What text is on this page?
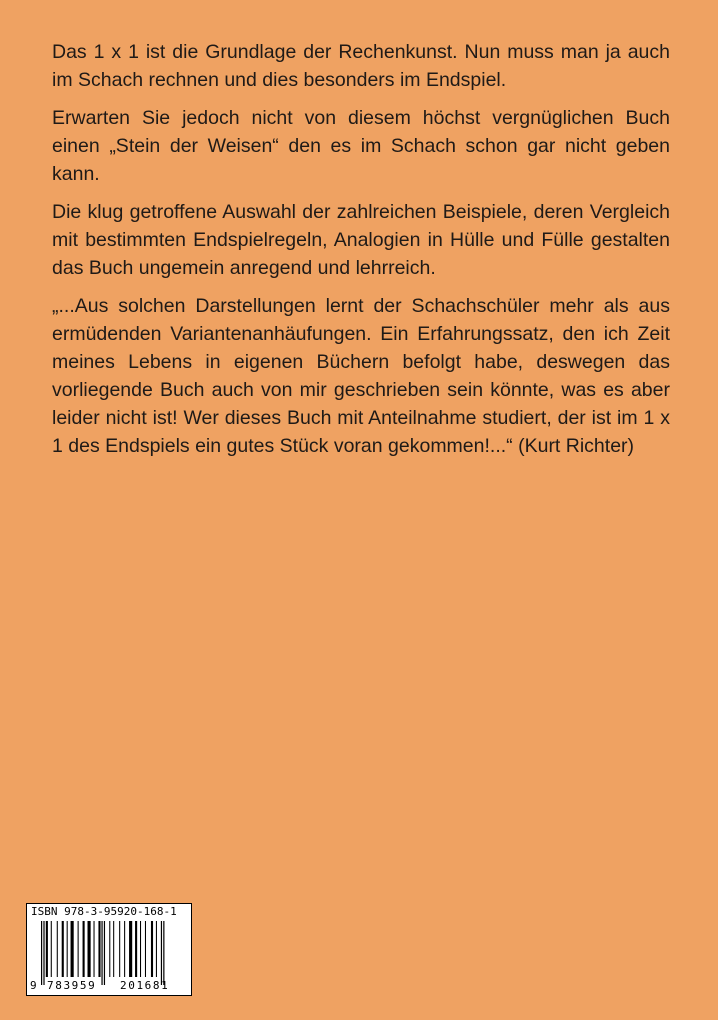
Das 1 x 1 ist die Grundlage der Rechenkunst. Nun muss man ja auch im Schach rechnen und dies besonders im Endspiel.

Erwarten Sie jedoch nicht von diesem höchst vergnüglichen Buch einen „Stein der Weisen“ den es im Schach schon gar nicht geben kann.

Die klug getroffene Auswahl der zahlreichen Beispiele, deren Vergleich mit bestimmten Endspielregeln, Analogien in Hülle und Fülle gestalten das Buch ungemein anregend und lehrreich.

„...Aus solchen Darstellungen lernt der Schachschüler mehr als aus ermüdenden Variantenanhäufungen. Ein Erfahrungssatz, den ich Zeit meines Lebens in eigenen Büchern befolgt habe, deswegen das vorliegende Buch auch von mir geschrieben sein könnte, was es aber leider nicht ist! Wer dieses Buch mit Anteilnahme studiert, der ist im 1 x 1 des Endspiels ein gutes Stück voran gekommen!...“ (Kurt Richter)

ISBN 978-3-95920-168-1
9 783959 201681
